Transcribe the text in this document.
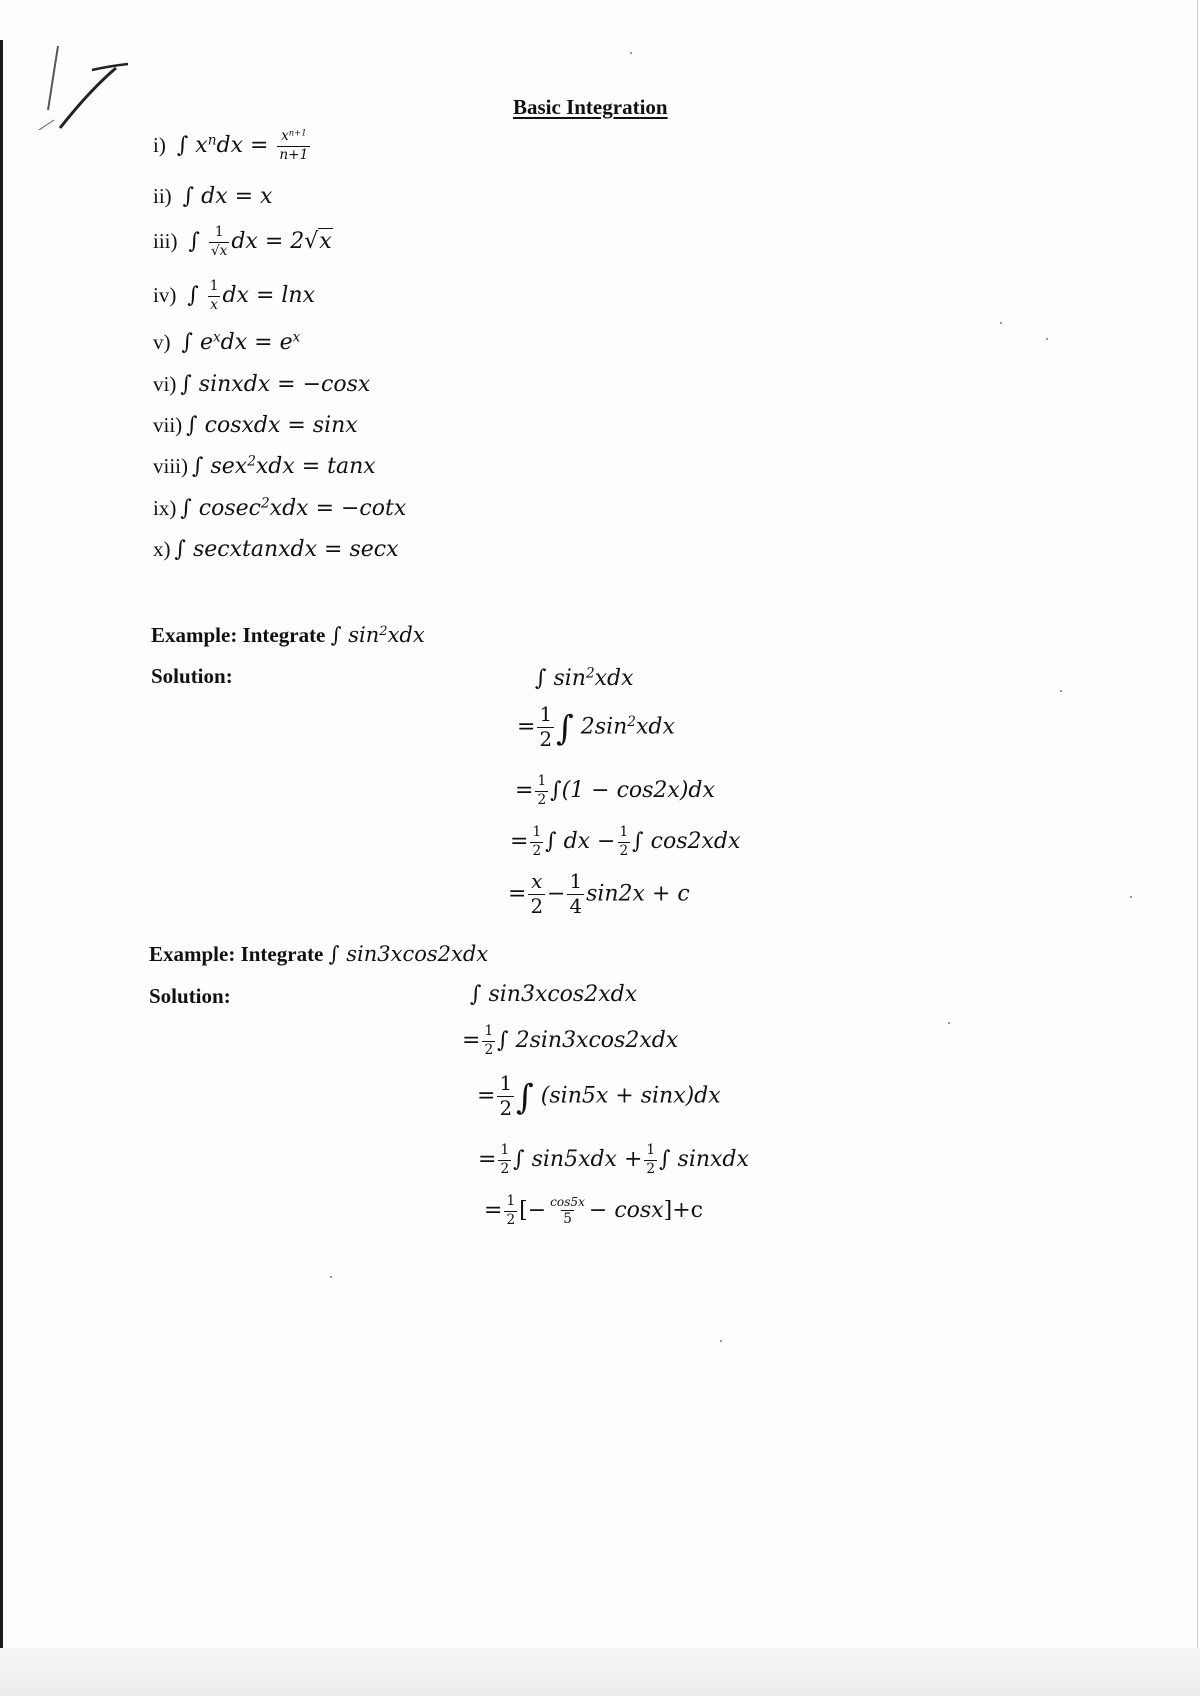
Basic Integration
i) ∫ $x^ndx = \frac{x^{n+1}}{n+1}$
ii) ∫ dx = x
iii) ∫ $\frac{1}{√x}$ dx = 2√x
iv) ∫ $\frac{1}{x}$ dx = lnx
v) ∫ $e^xdx = e^x$
vi) ∫ sinxdx = −cosx
vii) ∫ cosxdx = sinx
viii) ∫ sex$^2$xdx = tanx
ix) ∫ cosec$^2$xdx = −cotx
x) ∫ secxtanxdx = secx
Example: Integrate ∫ $\sin^2xdx$
Solution:	∫ $\sin^2xdx$
= $\frac{1}{2}$ ∫ $2\sin^2xdx$
= $\frac{1}{2} \int(1 - \cos 2x)dx$
= $\frac{1}{2}$ ∫ dx − $\frac{1}{2}$ ∫ cos2xdx
= $\frac{x}{2} - \frac{1}{4} \sin 2x + c$
Example: Integrate ∫ sin3xcos2xdx
Solution:	∫ sin3xcos2xdx
= $\frac{1}{2}$ ∫ 2sin3xcos2xdx
= $\frac{1}{2}$ ∫ (sin5x + sinx)dx
= $\frac{1}{2}$ ∫ $\sin 5xdx + \frac{1}{2}$ ∫ sinxdx
= $\frac{1}{2}$ [− $\frac{\cos 5x}{5} - \cos x]+c$
